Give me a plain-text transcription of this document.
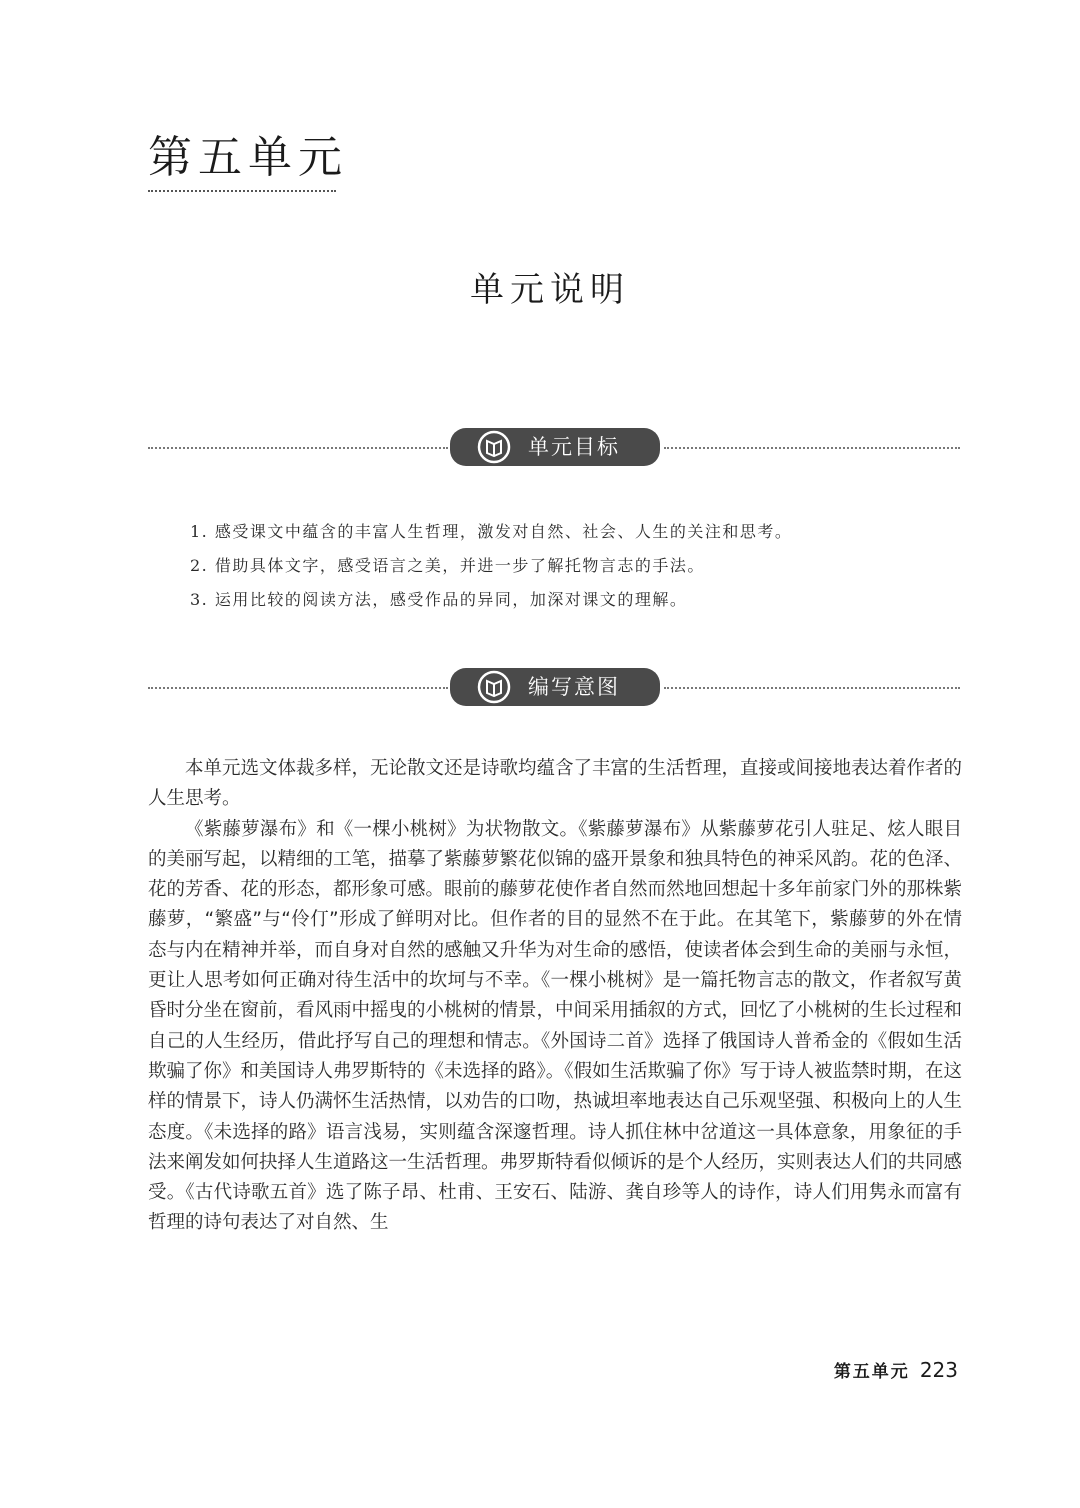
第五单元
单元说明
单元目标
1. 感受课文中蕴含的丰富人生哲理，激发对自然、社会、人生的关注和思考。
2. 借助具体文字，感受语言之美，并进一步了解托物言志的手法。
3. 运用比较的阅读方法，感受作品的异同，加深对课文的理解。
编写意图

本单元选文体裁多样，无论散文还是诗歌均蕴含了丰富的生活哲理，直接或间接地表达着作者的人生思考。

《紫藤萝瀑布》和《一棵小桃树》为状物散文。《紫藤萝瀑布》从紫藤萝花引人驻足、炫人眼目的美丽写起，以精细的工笔，描摹了紫藤萝繁花似锦的盛开景象和独具特色的神采风韵。花的色泽、花的芳香、花的形态，都形象可感。眼前的藤萝花使作者自然而然地回想起十多年前家门外的那株紫藤萝，“繁盛”与“伶仃”形成了鲜明对比。但作者的目的显然不在于此。在其笔下，紫藤萝的外在情态与内在精神并举，而自身对自然的感触又升华为对生命的感悟，使读者体会到生命的美丽与永恒，更让人思考如何正确对待生活中的坎坷与不幸。《一棵小桃树》是一篇托物言志的散文，作者叙写黄昏时分坐在窗前，看风雨中摇曳的小桃树的情景，中间采用插叙的方式，回忆了小桃树的生长过程和自己的人生经历，借此抒写自己的理想和情志。《外国诗二首》选择了俄国诗人普希金的《假如生活欺骗了你》和美国诗人弗罗斯特的《未选择的路》。《假如生活欺骗了你》写于诗人被监禁时期，在这样的情景下，诗人仍满怀生活热情，以劝告的口吻，热诚坦率地表达自己乐观坚强、积极向上的人生态度。《未选择的路》语言浅易，实则蕴含深邃哲理。诗人抓住林中岔道这一具体意象，用象征的手法来阐发如何抉择人生道路这一生活哲理。弗罗斯特看似倾诉的是个人经历，实则表达人们的共同感受。《古代诗歌五首》选了陈子昂、杜甫、王安石、陆游、龚自珍等人的诗作，诗人们用隽永而富有哲理的诗句表达了对自然、生

第五单元 223
